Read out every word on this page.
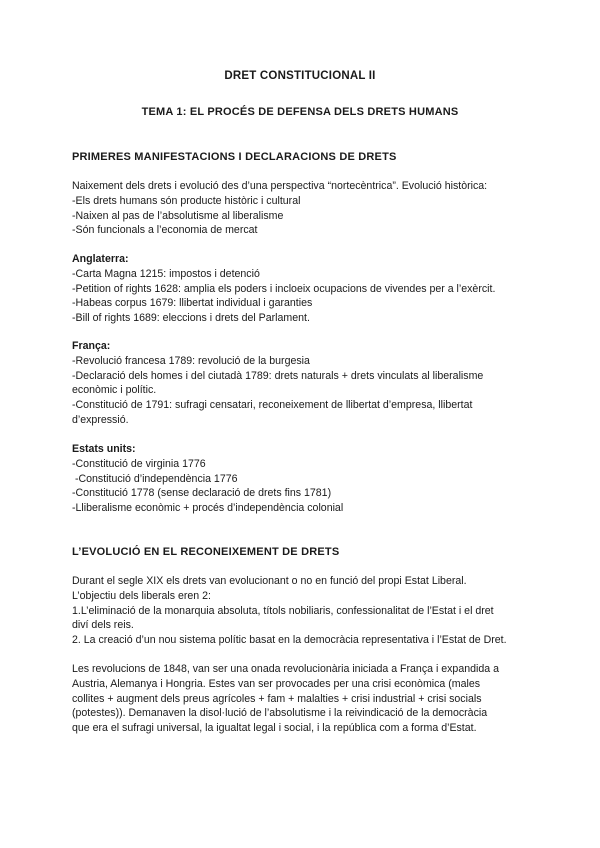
DRET CONSTITUCIONAL II
TEMA 1: EL PROCÉS DE DEFENSA DELS DRETS HUMANS
PRIMERES MANIFESTACIONS I DECLARACIONS DE DRETS
Naixement dels drets i evolució des d’una perspectiva “nortecèntrica”. Evolució històrica:
-Els drets humans són producte històric i cultural
-Naixen al pas de l’absolutisme al liberalisme
-Són funcionals a l’economia de mercat
Anglaterra:
-Carta Magna 1215: impostos i detenció
-Petition of rights 1628: amplia els poders i incloeix ocupacions de vivendes per a l’exèrcit.
-Habeas corpus 1679: llibertat individual i garanties
-Bill of rights 1689: eleccions i drets del Parlament.
França:
-Revolució francesa 1789: revolució de la burgesia
-Declaració dels homes i del ciutadà 1789: drets naturals + drets vinculats al liberalisme
econòmic i polític.
-Constitució de 1791: sufragi censatari, reconeixement de llibertat d’empresa, llibertat
d’expressió.
Estats units:
-Constitució de virginia 1776
-Constitució d’independència 1776
-Constitució 1778 (sense declaració de drets fins 1781)
-Lliberalisme econòmic + procés d’independència colonial
L’EVOLUCIÓ EN EL RECONEIXEMENT DE DRETS
Durant el segle XIX els drets van evolucionant o no en funció del propi Estat Liberal.
L’objectiu dels liberals eren 2:
1.L’eliminació de la monarquia absoluta, títols nobiliaris, confessionalitat de l’Estat i el dret
diví dels reis.
2. La creació d’un nou sistema polític basat en la democràcia representativa i l’Estat de Dret.
Les revolucions de 1848, van ser una onada revolucionària iniciada a França i expandida a
Austria, Alemanya i Hongria. Estes van ser provocades per una crisi econòmica (males
collites + augment dels preus agrícoles + fam + malalties + crisi industrial + crisi socials
(potestes)). Demanaven la disol·lució de l’absolutisme i la reivindicació de la democràcia
que era el sufragi universal, la igualtat legal i social, i la república com a forma d’Estat.
